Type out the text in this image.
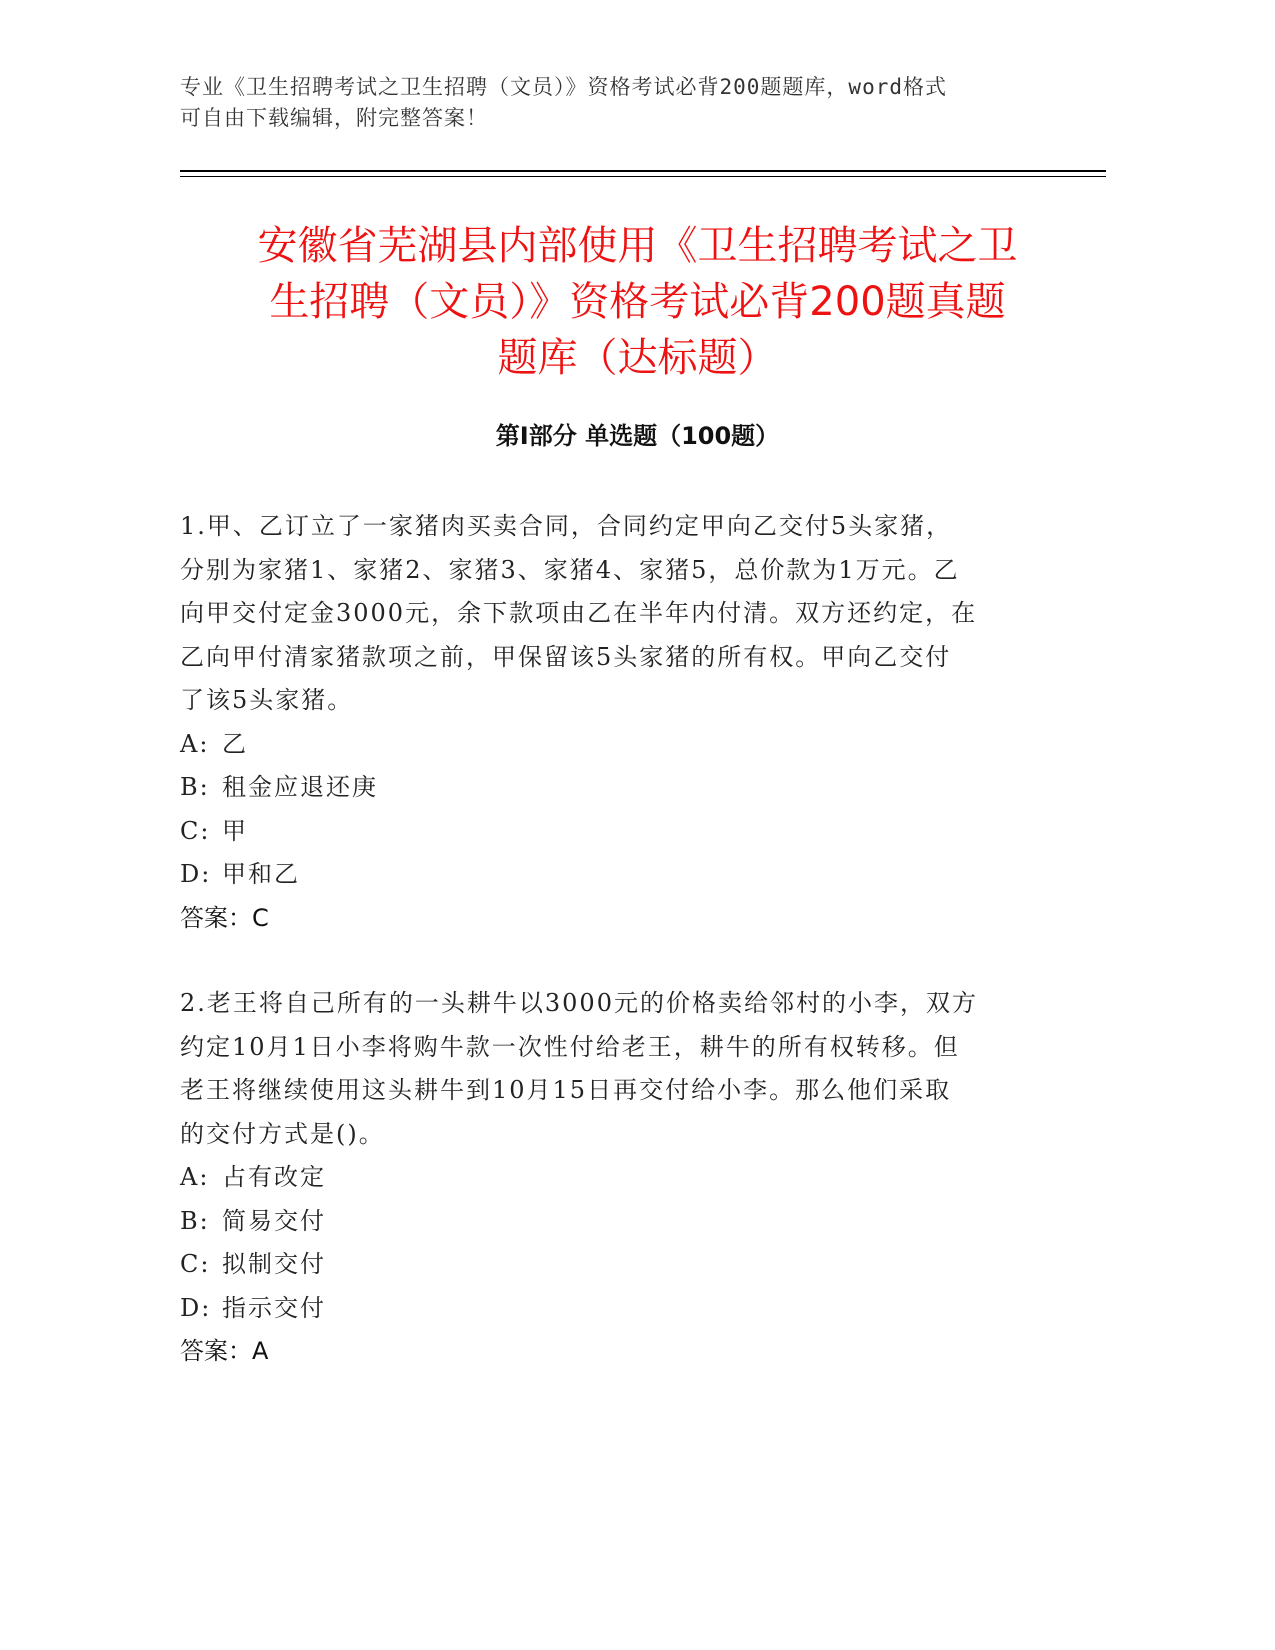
专业《卫生招聘考试之卫生招聘（文员）》资格考试必背200题题库，word格式
可自由下载编辑，附完整答案！
安徽省芜湖县内部使用《卫生招聘考试之卫
生招聘（文员）》资格考试必背200题真题
题库（达标题）
第Ⅰ部分 单选题（100题）
1.甲、乙订立了一家猪肉买卖合同，合同约定甲向乙交付5头家猪，
分别为家猪1、家猪2、家猪3、家猪4、家猪5，总价款为1万元。乙
向甲交付定金3000元，余下款项由乙在半年内付清。双方还约定，在
乙向甲付清家猪款项之前，甲保留该5头家猪的所有权。甲向乙交付
了该5头家猪。
A: 乙
B: 租金应退还庚
C: 甲
D: 甲和乙
答案：C
2.老王将自己所有的一头耕牛以3000元的价格卖给邻村的小李，双方
约定10月1日小李将购牛款一次性付给老王，耕牛的所有权转移。但
老王将继续使用这头耕牛到10月15日再交付给小李。那么他们采取
的交付方式是()。
A: 占有改定
B: 简易交付
C: 拟制交付
D: 指示交付
答案：A
